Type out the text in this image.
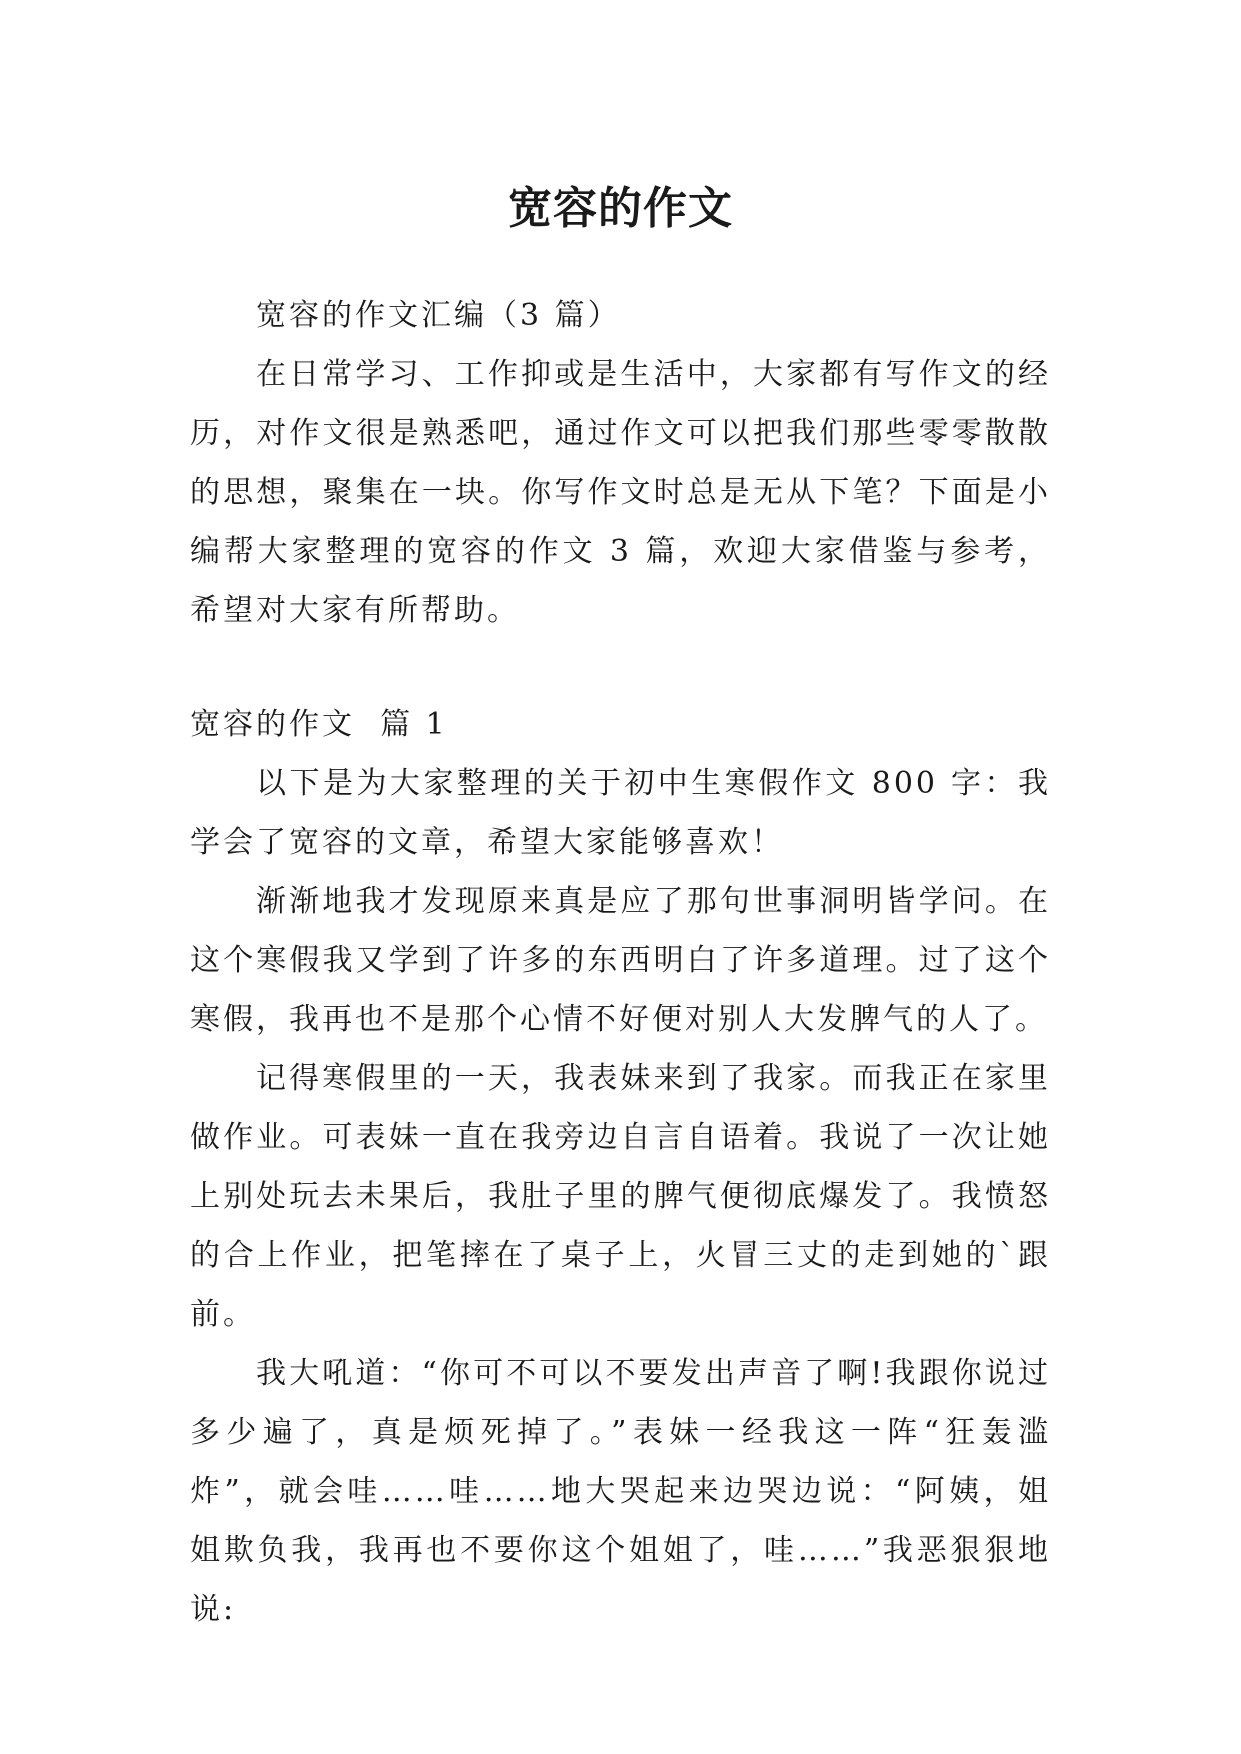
宽容的作文

宽容的作文汇编（3 篇）

在日常学习、工作抑或是生活中，大家都有写作文的经历，对作文很是熟悉吧，通过作文可以把我们那些零零散散的思想，聚集在一块。你写作文时总是无从下笔？下面是小编帮大家整理的宽容的作文 3 篇，欢迎大家借鉴与参考，希望对大家有所帮助。

宽容的作文  篇 1

以下是为大家整理的关于初中生寒假作文 800 字：我学会了宽容的文章，希望大家能够喜欢！

渐渐地我才发现原来真是应了那句世事洞明皆学问。在这个寒假我又学到了许多的东西明白了许多道理。过了这个寒假，我再也不是那个心情不好便对别人大发脾气的人了。

记得寒假里的一天，我表妹来到了我家。而我正在家里做作业。可表妹一直在我旁边自言自语着。我说了一次让她上别处玩去未果后，我肚子里的脾气便彻底爆发了。我愤怒的合上作业，把笔摔在了桌子上，火冒三丈的走到她的`跟前。

我大吼道：“你可不可以不要发出声音了啊!我跟你说过多少遍了，真是烦死掉了。”表妹一经我这一阵“狂轰滥炸”，就会哇……哇……地大哭起来边哭边说：“阿姨，姐姐欺负我，我再也不要你这个姐姐了，哇……”我恶狠狠地说:
